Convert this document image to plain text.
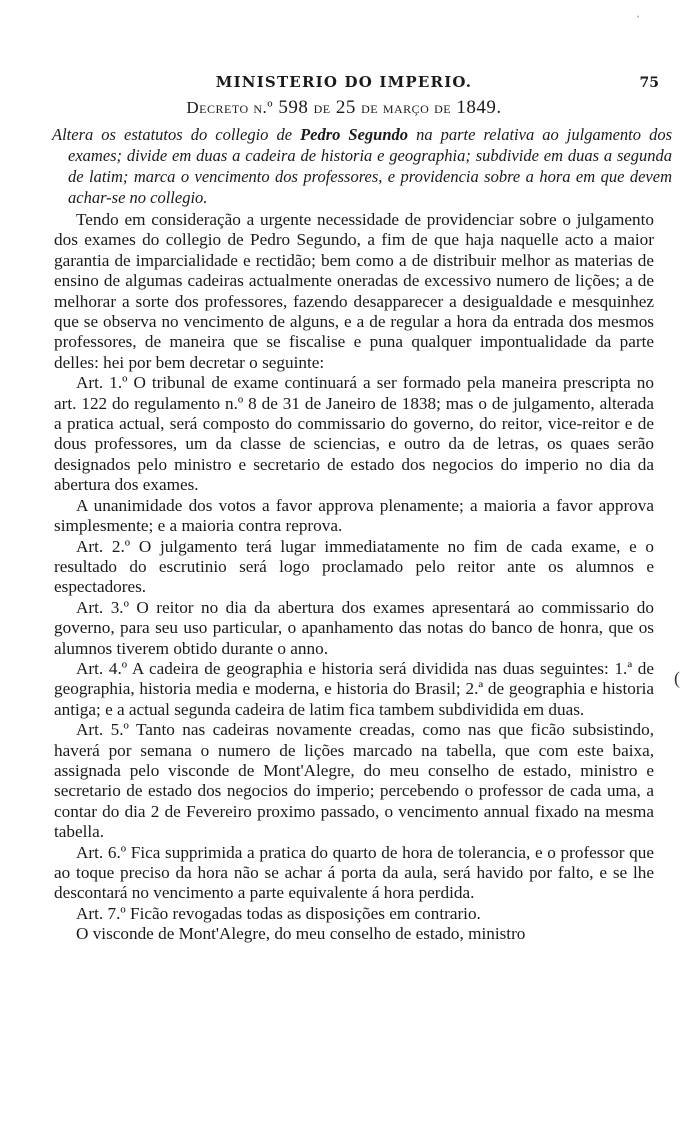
MINISTERIO DO IMPERIO.	75
Decreto n.º 598 de 25 de março de 1849.
Altera os estatutos do collegio de Pedro Segundo na parte relativa ao julgamento dos exames; divide em duas a cadeira de historia e geographia; subdivide em duas a segunda de latim; marca o vencimento dos professores, e providencia sobre a hora em que devem achar-se no collegio.

Tendo em consideração a urgente necessidade de providenciar sobre o julgamento dos exames do collegio de Pedro Segundo, a fim de que haja naquelle acto a maior garantia de imparcialidade e rectidão; bem como a de distribuir melhor as materias de ensino de algumas cadeiras actualmente oneradas de excessivo numero de lições; a de melhorar a sorte dos professores, fazendo desapparecer a desigualdade e mesquinhez que se observa no vencimento de alguns, e a de regular a hora da entrada dos mesmos professores, de maneira que se fiscalise e puna qualquer impontualidade da parte delles: hei por bem decretar o seguinte:

Art. 1.º O tribunal de exame continuará a ser formado pela maneira prescripta no art. 122 do regulamento n.º 8 de 31 de Janeiro de 1838; mas o de julgamento, alterada a pratica actual, será composto do commissario do governo, do reitor, vice-reitor e de dous professores, um da classe de sciencias, e outro da de letras, os quaes serão designados pelo ministro e secretario de estado dos negocios do imperio no dia da abertura dos exames.

A unanimidade dos votos a favor approva plenamente; a maioria a favor approva simplesmente; e a maioria contra reprova.

Art. 2.º O julgamento terá lugar immediatamente no fim de cada exame, e o resultado do escrutinio será logo proclamado pelo reitor ante os alumnos e espectadores.

Art. 3.º O reitor no dia da abertura dos exames apresentará ao commissario do governo, para seu uso particular, o apanhamento das notas do banco de honra, que os alumnos tiverem obtido durante o anno.

Art. 4.º A cadeira de geographia e historia será dividida nas duas seguintes: 1.ª de geographia, historia media e moderna, e historia do Brasil; 2.ª de geographia e historia antiga; e a actual segunda cadeira de latim fica tambem subdividida em duas.

Art. 5.º Tanto nas cadeiras novamente creadas, como nas que ficão subsistindo, haverá por semana o numero de lições marcado na tabella, que com este baixa, assignada pelo visconde de Mont'Alegre, do meu conselho de estado, ministro e secretario de estado dos negocios do imperio; percebendo o professor de cada uma, a contar do dia 2 de Fevereiro proximo passado, o vencimento annual fixado na mesma tabella.

Art. 6.º Fica supprimida a pratica do quarto de hora de tolerancia, e o professor que ao toque preciso da hora não se achar á porta da aula, será havido por falto, e se lhe descontará no vencimento a parte equivalente á hora perdida.

Art. 7.º Ficão revogadas todas as disposições em contrario.

O visconde de Mont'Alegre, do meu conselho de estado, ministro

ˌ
(
